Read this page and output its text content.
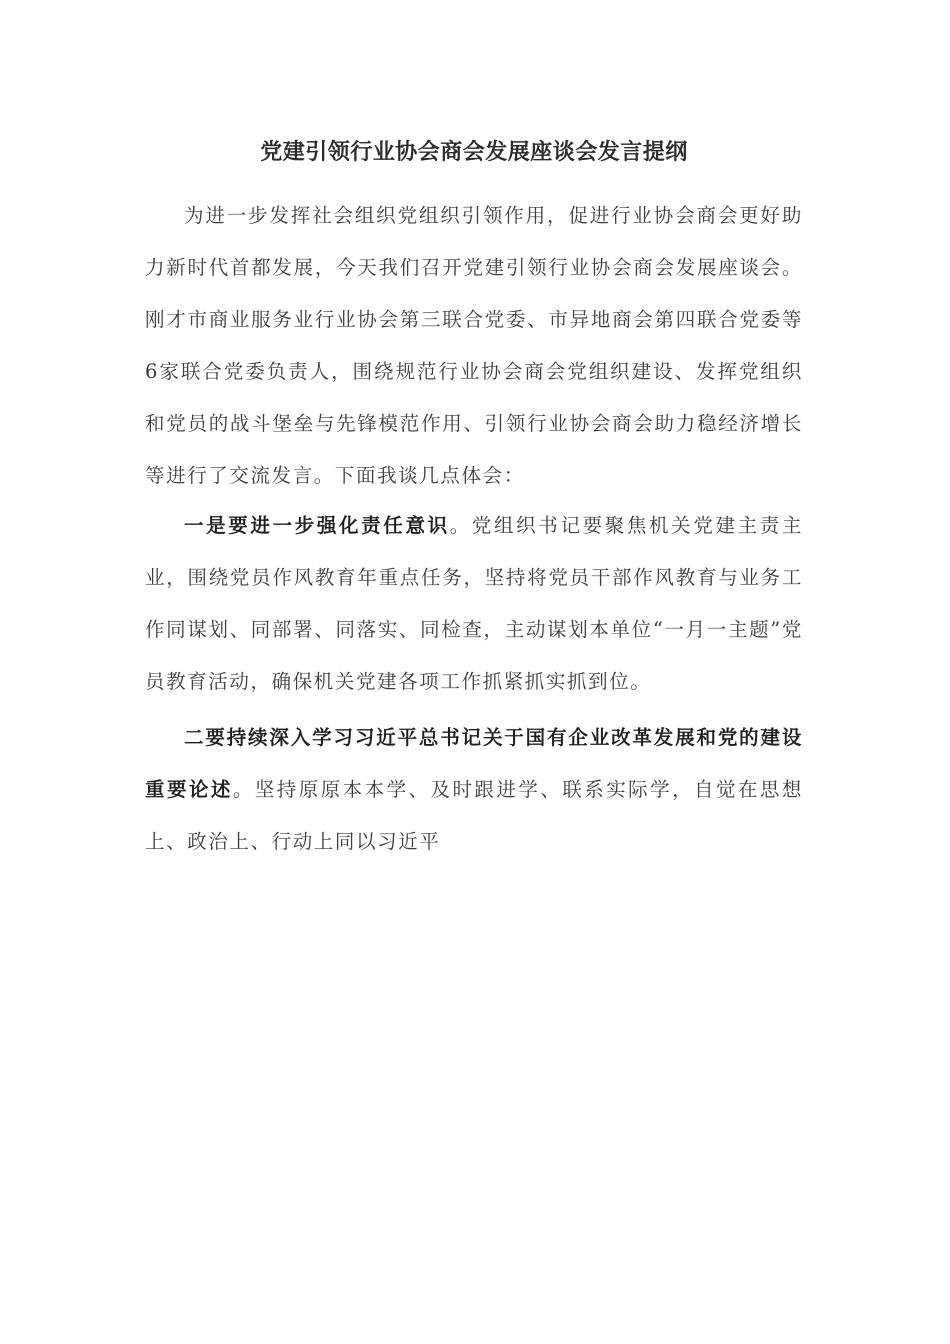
党建引领行业协会商会发展座谈会发言提纲

为进一步发挥社会组织党组织引领作用，促进行业协会商会更好助力新时代首都发展，今天我们召开党建引领行业协会商会发展座谈会。刚才市商业服务业行业协会第三联合党委、市异地商会第四联合党委等6家联合党委负责人，围绕规范行业协会商会党组织建设、发挥党组织和党员的战斗堡垒与先锋模范作用、引领行业协会商会助力稳经济增长等进行了交流发言。下面我谈几点体会：

一是要进一步强化责任意识。党组织书记要聚焦机关党建主责主业，围绕党员作风教育年重点任务，坚持将党员干部作风教育与业务工作同谋划、同部署、同落实、同检查，主动谋划本单位“一月一主题”党员教育活动，确保机关党建各项工作抓紧抓实抓到位。

二要持续深入学习习近平总书记关于国有企业改革发展和党的建设重要论述。坚持原原本本学、及时跟进学、联系实际学，自觉在思想上、政治上、行动上同以习近平
